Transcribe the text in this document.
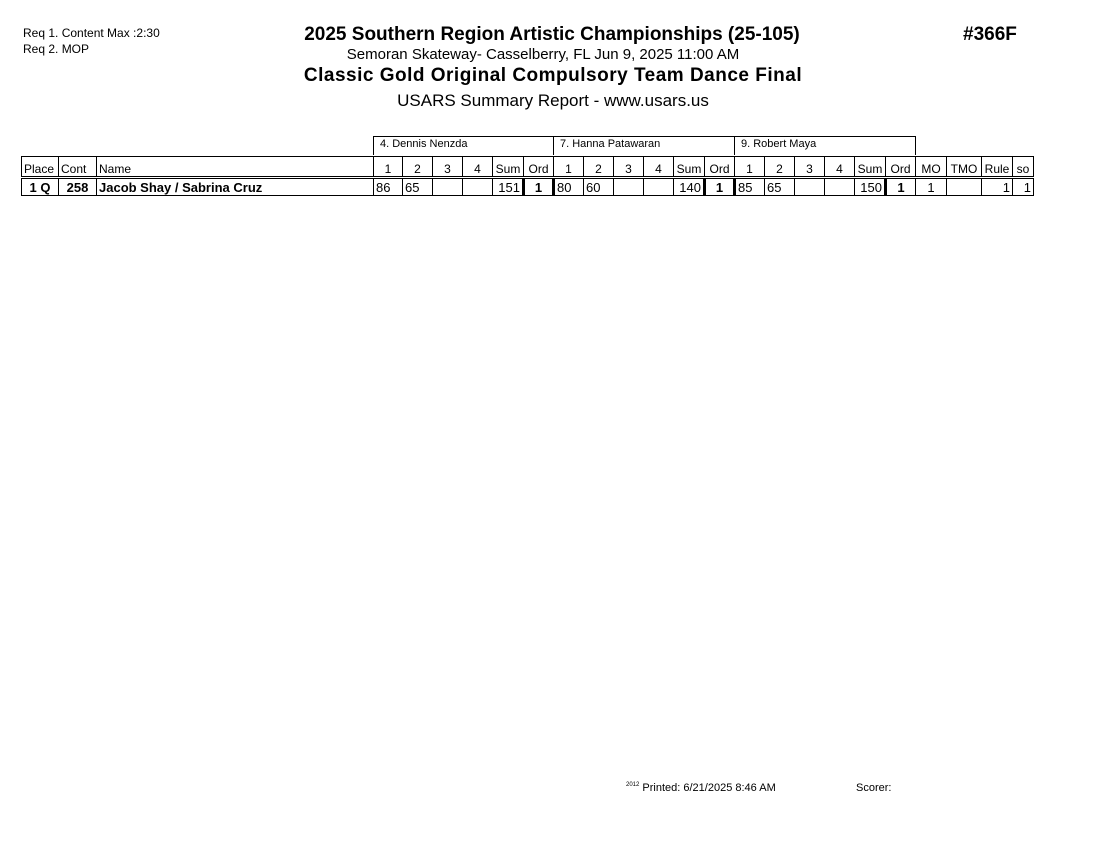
Req 1. Content Max :2:30
Req 2. MOP
2025 Southern Region Artistic Championships (25-105)
Semoran Skateway- Casselberry, FL Jun 9, 2025 11:00 AM
Classic Gold Original Compulsory Team Dance Final
USARS Summary Report - www.usars.us
#366F
4. Dennis Nenzda	7. Hanna Patawaran	9. Robert Maya
Place	Cont	Name	1	2	3	4	Sum	Ord	1	2	3	4	Sum	Ord	1	2	3	4	Sum	Ord	MO	TMO	Rule	so
1 Q	258	Jacob Shay / Sabrina Cruz	86	65			151	1	80	60			140	1	85	65			150	1	1		1	1
$^{2012}$ Printed: 6/21/2025 8:46 AM	Scorer:
